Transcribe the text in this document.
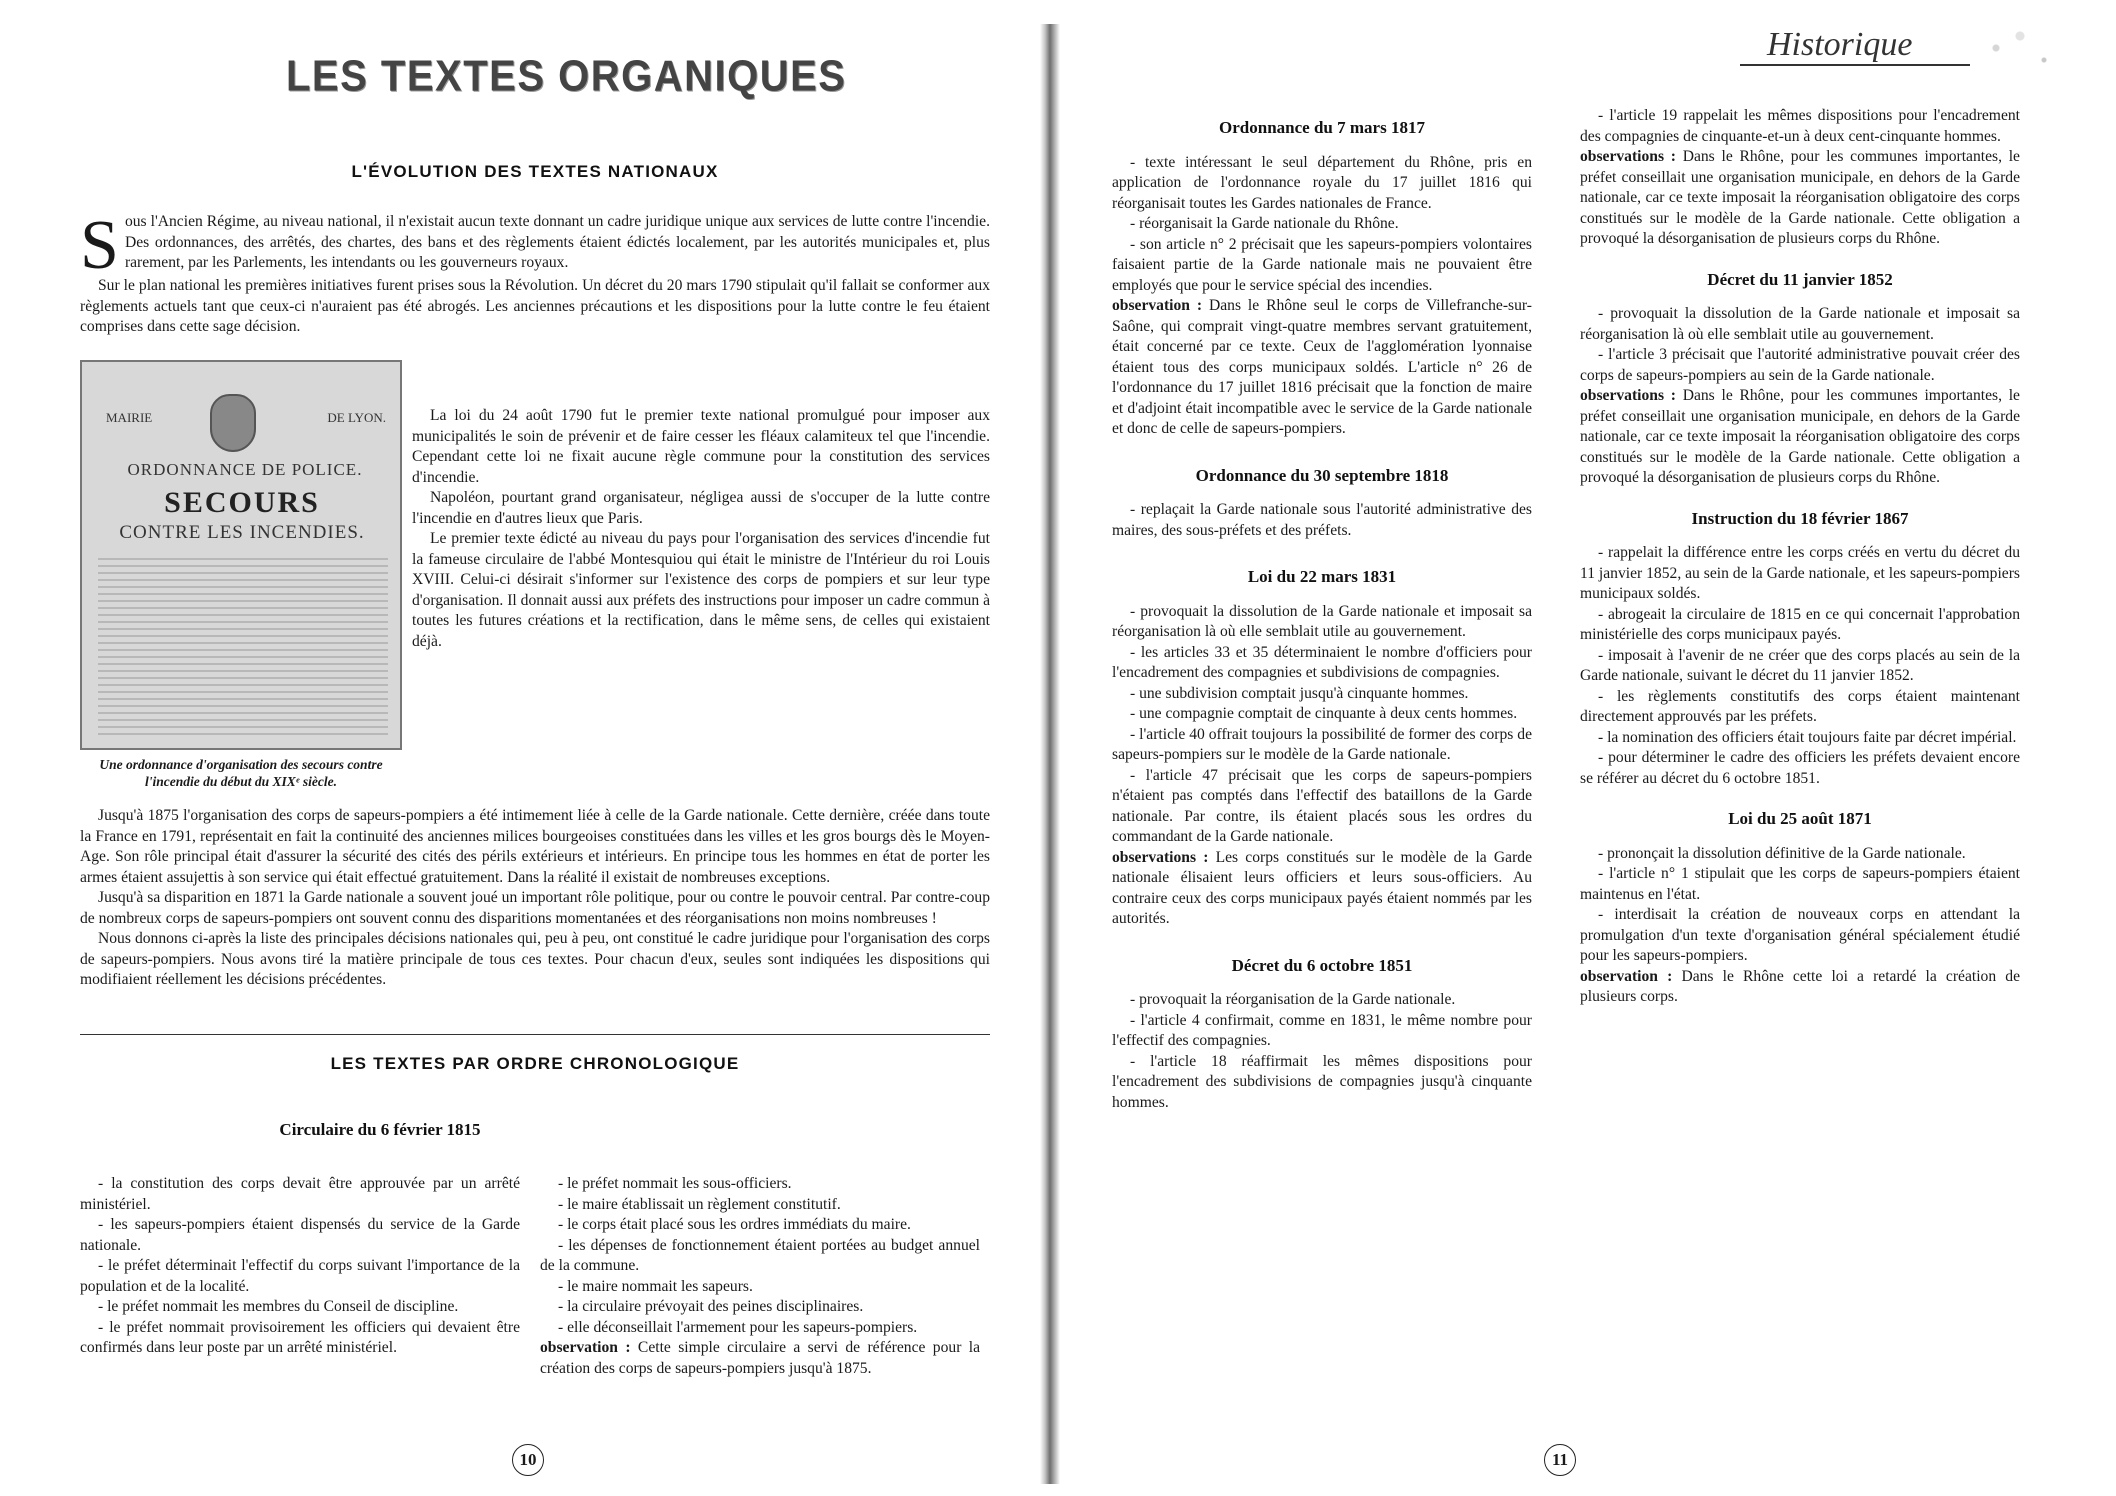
LES TEXTES ORGANIQUES
L'ÉVOLUTION DES TEXTES NATIONAUX

S ous l'Ancien Régime, au niveau national, il n'existait aucun texte donnant un cadre juridique unique aux services de lutte contre l'incendie. Des ordonnances, des arrêtés, des chartes, des bans et des règlements étaient édictés localement, par les autorités municipales et, plus rarement, par les Parlements, les intendants ou les gouverneurs royaux.

Sur le plan national les premières initiatives furent prises sous la Révolution. Un décret du 20 mars 1790 stipulait qu'il fallait se conformer aux règlements actuels tant que ceux-ci n'auraient pas été abrogés. Les anciennes précautions et les dispositions pour la lutte contre le feu étaient comprises dans cette sage décision.

MAIRIE	DE LYON.
ORDONNANCE DE POLICE.
SECOURS
CONTRE LES INCENDIES.
Une ordonnance d'organisation des secours contre l'incendie du début du XIXᵉ siècle.

La loi du 24 août 1790 fut le premier texte national promulgué pour imposer aux municipalités le soin de prévenir et de faire cesser les fléaux calamiteux tel que l'incendie. Cependant cette loi ne fixait aucune règle commune pour la constitution des services d'incendie.

Napoléon, pourtant grand organisateur, négligea aussi de s'occuper de la lutte contre l'incendie en d'autres lieux que Paris.

Le premier texte édicté au niveau du pays pour l'organisation des services d'incendie fut la fameuse circulaire de l'abbé Montesquiou qui était le ministre de l'Intérieur du roi Louis XVIII. Celui-ci désirait s'informer sur l'existence des corps de pompiers et sur leur type d'organisation. Il donnait aussi aux préfets des instructions pour imposer un cadre commun à toutes les futures créations et la rectification, dans le même sens, de celles qui existaient déjà.

Jusqu'à 1875 l'organisation des corps de sapeurs-pompiers a été intimement liée à celle de la Garde nationale. Cette dernière, créée dans toute la France en 1791, représentait en fait la continuité des anciennes milices bourgeoises constituées dans les villes et les gros bourgs dès le Moyen-Age. Son rôle principal était d'assurer la sécurité des cités des périls extérieurs et intérieurs. En principe tous les hommes en état de porter les armes étaient assujettis à son service qui était effectué gratuitement. Dans la réalité il existait de nombreuses exceptions.

Jusqu'à sa disparition en 1871 la Garde nationale a souvent joué un important rôle politique, pour ou contre le pouvoir central. Par contre-coup de nombreux corps de sapeurs-pompiers ont souvent connu des disparitions momentanées et des réorganisations non moins nombreuses !

Nous donnons ci-après la liste des principales décisions nationales qui, peu à peu, ont constitué le cadre juridique pour l'organisation des corps de sapeurs-pompiers. Nous avons tiré la matière principale de tous ces textes. Pour chacun d'eux, seules sont indiquées les dispositions qui modifiaient réellement les décisions précédentes.

LES TEXTES PAR ORDRE CHRONOLOGIQUE
Circulaire du 6 février 1815

- la constitution des corps devait être approuvée par un arrêté ministériel.

- les sapeurs-pompiers étaient dispensés du service de la Garde nationale.

- le préfet déterminait l'effectif du corps suivant l'importance de la population et de la localité.

- le préfet nommait les membres du Conseil de discipline.

- le préfet nommait provisoirement les officiers qui devaient être confirmés dans leur poste par un arrêté ministériel.

- le préfet nommait les sous-officiers.

- le maire établissait un règlement constitutif.

- le corps était placé sous les ordres immédiats du maire.

- les dépenses de fonctionnement étaient portées au budget annuel de la commune.

- le maire nommait les sapeurs.

- la circulaire prévoyait des peines disciplinaires.

- elle déconseillait l'armement pour les sapeurs-pompiers.

observation : Cette simple circulaire a servi de référence pour la création des corps de sapeurs-pompiers jusqu'à 1875.

10
Historique

Ordonnance du 7 mars 1817

- texte intéressant le seul département du Rhône, pris en application de l'ordonnance royale du 17 juillet 1816 qui réorganisait toutes les Gardes nationales de France.

- réorganisait la Garde nationale du Rhône.

- son article n° 2 précisait que les sapeurs-pompiers volontaires faisaient partie de la Garde nationale mais ne pouvaient être employés que pour le service spécial des incendies.

observation : Dans le Rhône seul le corps de Villefranche-sur-Saône, qui comprait vingt-quatre membres servant gratuitement, était concerné par ce texte. Ceux de l'agglomération lyonnaise étaient tous des corps municipaux soldés. L'article n° 26 de l'ordonnance du 17 juillet 1816 précisait que la fonction de maire et d'adjoint était incompatible avec le service de la Garde nationale et donc de celle de sapeurs-pompiers.

Ordonnance du 30 septembre 1818

- replaçait la Garde nationale sous l'autorité administrative des maires, des sous-préfets et des préfets.

Loi du 22 mars 1831

- provoquait la dissolution de la Garde nationale et imposait sa réorganisation là où elle semblait utile au gouvernement.

- les articles 33 et 35 déterminaient le nombre d'officiers pour l'encadrement des compagnies et subdivisions de compagnies.

- une subdivision comptait jusqu'à cinquante hommes.

- une compagnie comptait de cinquante à deux cents hommes.

- l'article 40 offrait toujours la possibilité de former des corps de sapeurs-pompiers sur le modèle de la Garde nationale.

- l'article 47 précisait que les corps de sapeurs-pompiers n'étaient pas comptés dans l'effectif des bataillons de la Garde nationale. Par contre, ils étaient placés sous les ordres du commandant de la Garde nationale.

observations : Les corps constitués sur le modèle de la Garde nationale élisaient leurs officiers et leurs sous-officiers. Au contraire ceux des corps municipaux payés étaient nommés par les autorités.

Décret du 6 octobre 1851

- provoquait la réorganisation de la Garde nationale.

- l'article 4 confirmait, comme en 1831, le même nombre pour l'effectif des compagnies.

- l'article 18 réaffirmait les mêmes dispositions pour l'encadrement des subdivisions de compagnies jusqu'à cinquante hommes.

- l'article 19 rappelait les mêmes dispositions pour l'encadrement des compagnies de cinquante-et-un à deux cent-cinquante hommes.

observations : Dans le Rhône, pour les communes importantes, le préfet conseillait une organisation municipale, en dehors de la Garde nationale, car ce texte imposait la réorganisation obligatoire des corps constitués sur le modèle de la Garde nationale. Cette obligation a provoqué la désorganisation de plusieurs corps du Rhône.

Décret du 11 janvier 1852

- provoquait la dissolution de la Garde nationale et imposait sa réorganisation là où elle semblait utile au gouvernement.

- l'article 3 précisait que l'autorité administrative pouvait créer des corps de sapeurs-pompiers au sein de la Garde nationale.

observations : Dans le Rhône, pour les communes importantes, le préfet conseillait une organisation municipale, en dehors de la Garde nationale, car ce texte imposait la réorganisation obligatoire des corps constitués sur le modèle de la Garde nationale. Cette obligation a provoqué la désorganisation de plusieurs corps du Rhône.

Instruction du 18 février 1867

- rappelait la différence entre les corps créés en vertu du décret du 11 janvier 1852, au sein de la Garde nationale, et les sapeurs-pompiers municipaux soldés.

- abrogeait la circulaire de 1815 en ce qui concernait l'approbation ministérielle des corps municipaux payés.

- imposait à l'avenir de ne créer que des corps placés au sein de la Garde nationale, suivant le décret du 11 janvier 1852.

- les règlements constitutifs des corps étaient maintenant directement approuvés par les préfets.

- la nomination des officiers était toujours faite par décret impérial.

- pour déterminer le cadre des officiers les préfets devaient encore se référer au décret du 6 octobre 1851.

Loi du 25 août 1871

- prononçait la dissolution définitive de la Garde nationale.

- l'article n° 1 stipulait que les corps de sapeurs-pompiers étaient maintenus en l'état.

- interdisait la création de nouveaux corps en attendant la promulgation d'un texte d'organisation général spécialement étudié pour les sapeurs-pompiers.

observation : Dans le Rhône cette loi a retardé la création de plusieurs corps.

11
